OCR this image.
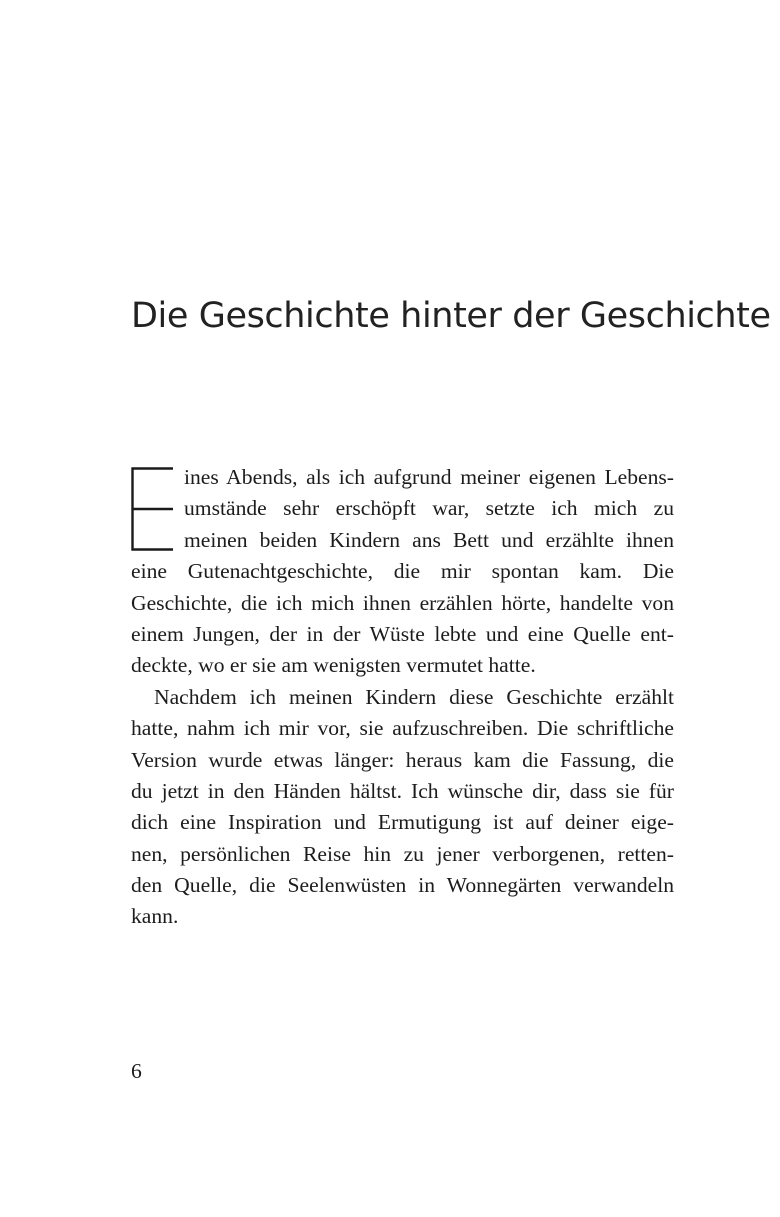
Die Geschichte hinter der Geschichte
ines Abends, als ich aufgrund meiner eigenen Lebens-
umstände sehr erschöpft war, setzte ich mich zu
meinen beiden Kindern ans Bett und erzählte ihnen
eine Gutenachtgeschichte, die mir spontan kam. Die
Geschichte, die ich mich ihnen erzählen hörte, handelte von
einem Jungen, der in der Wüste lebte und eine Quelle ent-
deckte, wo er sie am wenigsten vermutet hatte.
Nachdem ich meinen Kindern diese Geschichte erzählt
hatte, nahm ich mir vor, sie aufzuschreiben. Die schriftliche
Version wurde etwas länger: heraus kam die Fassung, die
du jetzt in den Händen hältst. Ich wünsche dir, dass sie für
dich eine Inspiration und Ermutigung ist auf deiner eige-
nen, persönlichen Reise hin zu jener verborgenen, retten-
den Quelle, die Seelenwüsten in Wonnegärten verwandeln
kann.
6
